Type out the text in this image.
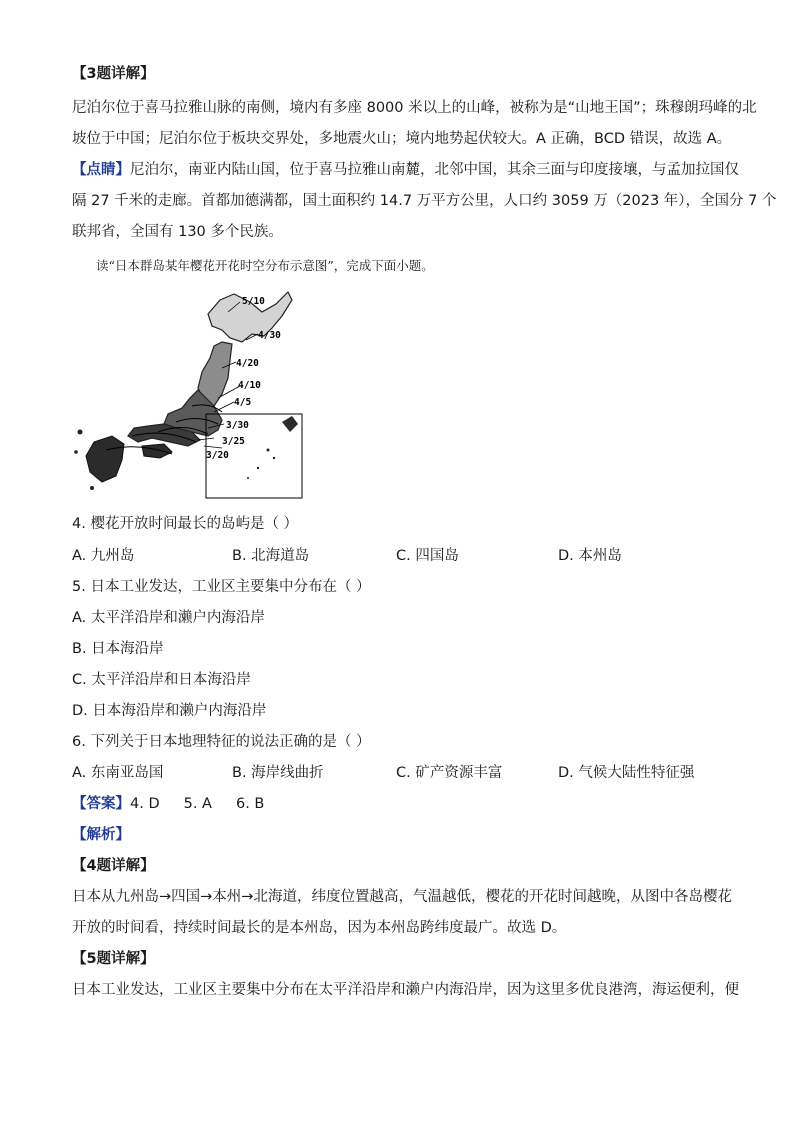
【3题详解】
尼泊尔位于喜马拉雅山脉的南侧，境内有多座 8000 米以上的山峰，被称为是“山地王国”；珠穆朗玛峰的北
坡位于中国；尼泊尔位于板块交界处，多地震火山；境内地势起伏较大。A 正确，BCD 错误，故选 A。
【点睛】尼泊尔，南亚内陆山国，位于喜马拉雅山南麓，北邻中国，其余三面与印度接壤，与孟加拉国仅
隔 27 千米的走廊。首都加德满都，国土面积约 14.7 万平方公里，人口约 3059 万（2023 年），全国分 7 个
联邦省，全国有 130 多个民族。
读“日本群岛某年樱花开花时空分布示意图”，完成下面小题。
5/10
4/30
4/20
4/10
4/5
3/30
3/25
3/20
4. 樱花开放时间最长的岛屿是（ ）
A. 九州岛	B. 北海道岛	C. 四国岛	D. 本州岛
5. 日本工业发达，工业区主要集中分布在（ ）
A. 太平洋沿岸和濑户内海沿岸
B. 日本海沿岸
C. 太平洋沿岸和日本海沿岸
D. 日本海沿岸和濑户内海沿岸
6. 下列关于日本地理特征的说法正确的是（ ）
A. 东南亚岛国	B. 海岸线曲折	C. 矿产资源丰富	D. 气候大陆性特征强
【答案】4. D 5. A 6. B
【解析】
【4题详解】
日本从九州岛→四国→本州→北海道，纬度位置越高，气温越低，樱花的开花时间越晚，从图中各岛樱花
开放的时间看，持续时间最长的是本州岛，因为本州岛跨纬度最广。故选 D。
【5题详解】
日本工业发达，工业区主要集中分布在太平洋沿岸和濑户内海沿岸，因为这里多优良港湾，海运便利，便
